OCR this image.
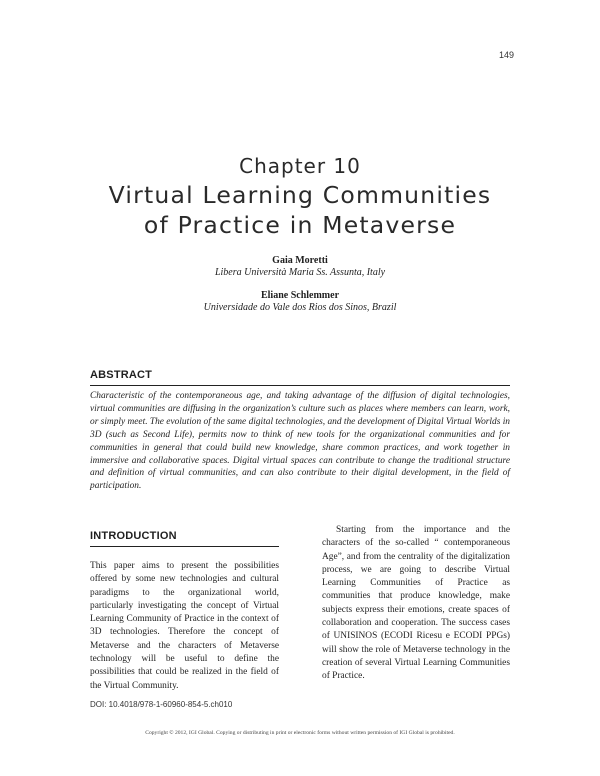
149
Chapter 10
Virtual Learning Communities
of Practice in Metaverse
Gaia Moretti
Libera Università Maria Ss. Assunta, Italy
Eliane Schlemmer
Universidade do Vale dos Rios dos Sinos, Brazil
ABSTRACT
Characteristic of the contemporaneous age, and taking advantage of the diffusion of digital technologies, virtual communities are diffusing in the organization’s culture such as places where members can learn, work, or simply meet. The evolution of the same digital technologies, and the development of Digital Virtual Worlds in 3D (such as Second Life), permits now to think of new tools for the organizational communities and for communities in general that could build new knowledge, share common practices, and work together in immersive and collaborative spaces. Digital virtual spaces can contribute to change the traditional structure and definition of virtual communities, and can also contribute to their digital development, in the field of participation.
INTRODUCTION
This paper aims to present the possibilities offered by some new technologies and cultural paradigms to the organizational world, particularly investigating the concept of Virtual Learning Community of Practice in the context of 3D technologies. Therefore the concept of Metaverse and the characters of Metaverse technology will be useful to define the possibilities that could be realized in the field of the Virtual Community.
Starting from the importance and the characters of the so-called “ contemporaneous Age”, and from the centrality of the digitalization process, we are going to describe Virtual Learning Communities of Practice as communities that produce knowledge, make subjects express their emotions, create spaces of collaboration and cooperation. The success cases of UNISINOS (ECODI Ricesu e ECODI PPGs) will show the role of Metaverse technology in the creation of several Virtual Learning Communities of Practice.
DOI: 10.4018/978-1-60960-854-5.ch010
Copyright © 2012, IGI Global. Copying or distributing in print or electronic forms without written permission of IGI Global is prohibited.
